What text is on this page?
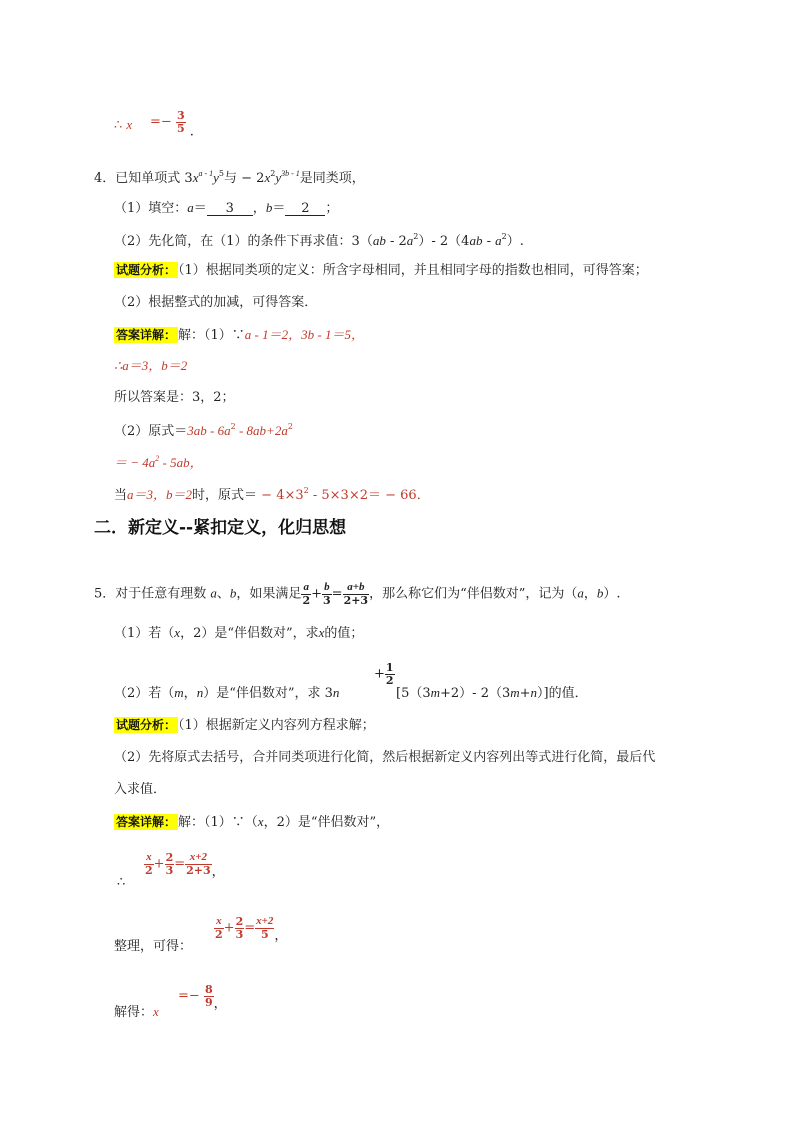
∴ $x =- \frac{3}{5}$ .
4．已知单项式 $3x^{a - 1}y^5$与 − $2x^2y^{3b - 1}$是同类项，
（1）填空：a＝ 3 ，b＝ 2 ；
（2）先化简，在（1）的条件下再求值：$3(ab - 2a^2)-$ $2(4ab - a^2)$.
试题分析： （1）根据同类项的定义：所含字母相同，并且相同字母的指数也相同，可得答案；
（2）根据整式的加减，可得答案．
答案详解： 解：（1）∵a - 1＝2，3b - 1＝5，
∴a＝3，b＝2
所以答案是：3，2；
（2）原式$=3ab - 6a^2 - 8ab+2a^2$
＝ − $4a^2 - 5ab$，
当a＝3，b＝2时，原式＝ − $4\times 3^2 - 5\times 3\times 2= - 66$．
二．新定义--紧扣定义，化归思想
5．对于任意有理数 a、b，如果满足 $\frac{a}{2} + \frac{b}{3} = \frac{a+b}{2+3}$ ，那么称它们为“伴侣数对”，记为（a，b）.
（1）若（x，2）是“伴侣数对”，求x的值；
（2）若（m，n）是“伴侣数对”，求 3n
+ $\frac{1}{2}$
[5（3m+2）- 2（3m+n）]的值．
试题分析： （1）根据新定义内容列方程求解；
（2）先将原式去括号，合并同类项进行化简，然后根据新定义内容列出等式进行化简，最后代
入求值．
答案详解： 解：（1）∵（x，2）是“伴侣数对”，
∴
$\frac{x}{2} + \frac{2}{3} = \frac{x+2}{2+3}$ ，
整理，可得：
$\frac{x}{2} + \frac{2}{3} = \frac{x+2}{5}$ ，
解得：x
=− $\frac{8}{9}$ ，
